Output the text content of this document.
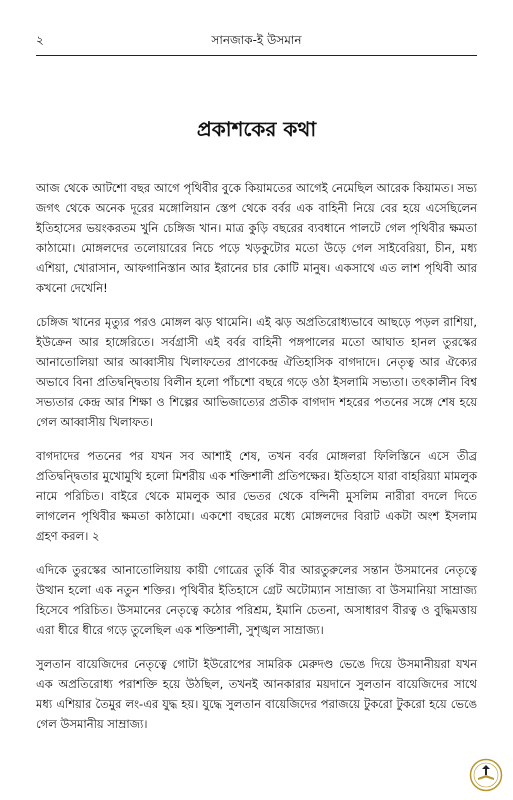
২	সানজাক-ই উসমান
প্রকাশকের কথা

আজ থেকে আটশো বছর আগে পৃথিবীর বুকে কিয়ামতের আগেই নেমেছিল আরেক কিয়ামত। সভ্য জগৎ থেকে অনেক দূরের মঙ্গোলিয়ান স্তেপ থেকে বর্বর এক বাহিনী নিয়ে বের হয়ে এসেছিলেন ইতিহাসের ভয়ংকরতম খুনি চেঙ্গিজ খান। মাত্র কুড়ি বছরের ব্যবধানে পালটে গেল পৃথিবীর ক্ষমতা কাঠামো। মোঙ্গলদের তলোয়ারের নিচে পড়ে খড়কুটোর মতো উড়ে গেল সাইবেরিয়া, চীন, মধ্য এশিয়া, খোরাসান, আফগানিস্তান আর ইরানের চার কোটি মানুষ। একসাথে এত লাশ পৃথিবী আর কখনো দেখেনি!

চেঙ্গিজ খানের মৃত্যুর পরও মোঙ্গল ঝড় থামেনি। এই ঝড় অপ্রতিরোধ্যভাবে আছড়ে পড়ল রাশিয়া, ইউক্রেন আর হাঙ্গেরিতে। সর্বগ্রাসী এই বর্বর বাহিনী পঙ্গপালের মতো আঘাত হানল তুরস্কের আনাতোলিয়া আর আব্বাসীয় খিলাফতের প্রাণকেন্দ্র ঐতিহাসিক বাগদাদে। নেতৃত্ব আর ঐক্যের অভাবে বিনা প্রতিদ্বন্দ্বিতায় বিলীন হলো পাঁচশো বছরে গড়ে ওঠা ইসলামি সভ্যতা। তৎকালীন বিশ্ব সভ্যতার কেন্দ্র আর শিক্ষা ও শিল্পের আভিজাত্যের প্রতীক বাগদাদ শহরের পতনের সঙ্গে শেষ হয়ে গেল আব্বাসীয় খিলাফত।

বাগদাদের পতনের পর যখন সব আশাই শেষ, তখন বর্বর মোঙ্গলরা ফিলিস্তিনে এসে তীব্র প্রতিদ্বন্দ্বিতার মুখোমুখি হলো মিশরীয় এক শক্তিশালী প্রতিপক্ষের। ইতিহাসে যারা বাহরিয়্যা মামলুক নামে পরিচিত। বাইরে থেকে মামলুক আর ভেতর থেকে বন্দিনী মুসলিম নারীরা বদলে দিতে লাগলেন পৃথিবীর ক্ষমতা কাঠামো। একশো বছরের মধ্যে মোঙ্গলদের বিরাট একটা অংশ ইসলাম গ্রহণ করল। ২

এদিকে তুরস্কের আনাতোলিয়ায় কায়ী গোত্রের তুর্কি বীর আরতুরুলের সন্তান উসমানের নেতৃত্বে উত্থান হলো এক নতুন শক্তির। পৃথিবীর ইতিহাসে গ্রেট অটোম্যান সাম্রাজ্য বা উসমানিয়া সাম্রাজ্য হিসেবে পরিচিত। উসমানের নেতৃত্বে কঠোর পরিশ্রম, ইমানি চেতনা, অসাধারণ বীরত্ব ও বুদ্ধিমত্তায় এরা ধীরে ধীরে গড়ে তুলেছিল এক শক্তিশালী, সুশৃঙ্খল সাম্রাজ্য।

সুলতান বায়েজিদের নেতৃত্বে গোটা ইউরোপের সামরিক মেরুদণ্ড ভেঙে দিয়ে উসমানীয়রা যখন এক অপ্রতিরোধ্য পরাশক্তি হয়ে উঠছিল, তখনই আনকারার ময়দানে সুলতান বায়েজিদের সাথে মধ্য এশিয়ার তৈমুর লং-এর যুদ্ধ হয়। যুদ্ধে সুলতান বায়েজিদের পরাজয়ে টুকরো টুকরো হয়ে ভেঙে গেল উসমানীয় সাম্রাজ্য।
